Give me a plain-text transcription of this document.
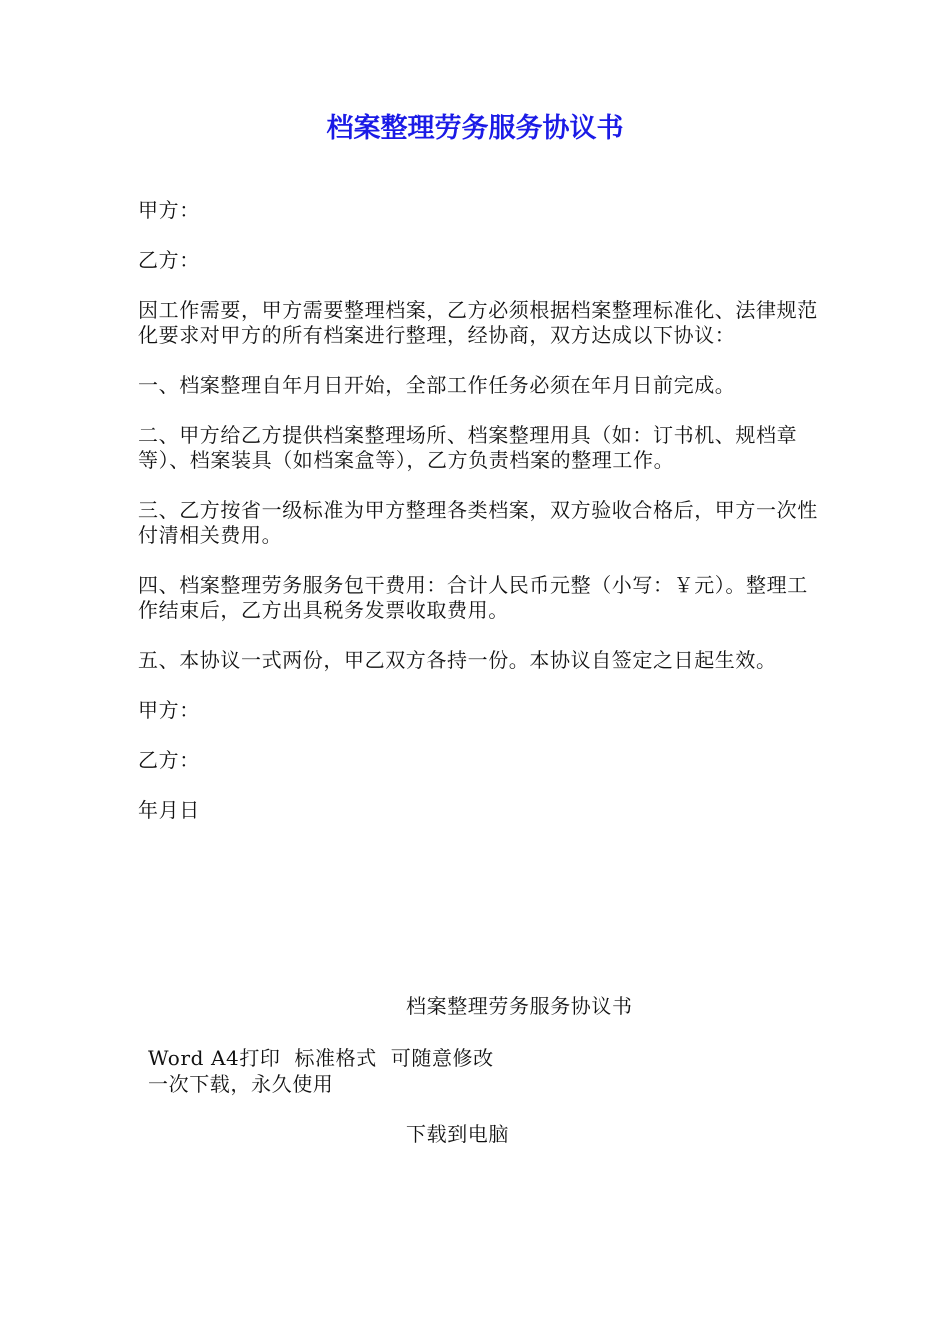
档案整理劳务服务协议书

甲方：

乙方：

因工作需要，甲方需要整理档案，乙方必须根据档案整理标准化、法律规范化要求对甲方的所有档案进行整理，经协商，双方达成以下协议：

一、档案整理自年月日开始，全部工作任务必须在年月日前完成。

二、甲方给乙方提供档案整理场所、档案整理用具（如：订书机、规档章等）、档案装具（如档案盒等），乙方负责档案的整理工作。

三、乙方按省一级标准为甲方整理各类档案，双方验收合格后，甲方一次性付清相关费用。

四、档案整理劳务服务包干费用：合计人民币元整（小写：￥元）。整理工作结束后，乙方出具税务发票收取费用。

五、本协议一式两份，甲乙双方各持一份。本协议自签定之日起生效。

甲方：

乙方：

年月日

档案整理劳务服务协议书
Word A4打印  标准格式  可随意修改
一次下载，永久使用
下载到电脑
